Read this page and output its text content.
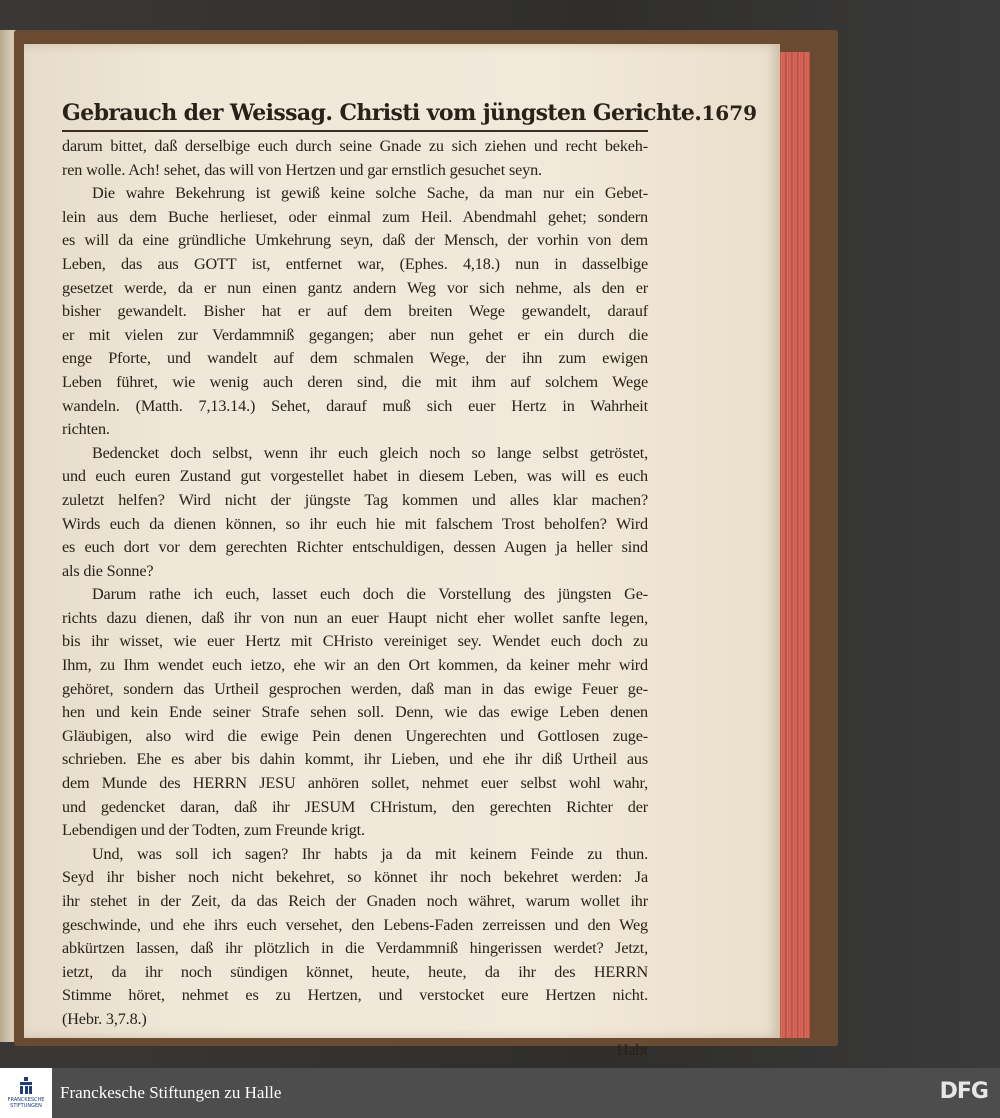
Gebrauch der Weissag. Christi vom jüngsten Gerichte. 1679
darum bittet, daß derselbige euch durch seine Gnade zu sich ziehen und recht bekeh-
ren wolle. Ach! sehet, das will von Hertzen und gar ernstlich gesuchet seyn.
Die wahre Bekehrung ist gewiß keine solche Sache, da man nur ein Gebet-
lein aus dem Buche herlieset, oder einmal zum Heil. Abendmahl gehet; sondern
es will da eine gründliche Umkehrung seyn, daß der Mensch, der vorhin von dem
Leben, das aus GOTT ist, entfernet war, (Ephes. 4,18.) nun in dasselbige
gesetzet werde, da er nun einen gantz andern Weg vor sich nehme, als den er
bisher gewandelt. Bisher hat er auf dem breiten Wege gewandelt, darauf
er mit vielen zur Verdammniß gegangen; aber nun gehet er ein durch die
enge Pforte, und wandelt auf dem schmalen Wege, der ihn zum ewigen
Leben führet, wie wenig auch deren sind, die mit ihm auf solchem Wege
wandeln. (Matth. 7,13.14.) Sehet, darauf muß sich euer Hertz in Wahrheit
richten.
Bedencket doch selbst, wenn ihr euch gleich noch so lange selbst getröstet,
und euch euren Zustand gut vorgestellet habet in diesem Leben, was will es euch
zuletzt helfen? Wird nicht der jüngste Tag kommen und alles klar machen?
Wirds euch da dienen können, so ihr euch hie mit falschem Trost beholfen? Wird
es euch dort vor dem gerechten Richter entschuldigen, dessen Augen ja heller sind
als die Sonne?
Darum rathe ich euch, lasset euch doch die Vorstellung des jüngsten Ge-
richts dazu dienen, daß ihr von nun an euer Haupt nicht eher wollet sanfte legen,
bis ihr wisset, wie euer Hertz mit CHristo vereiniget sey. Wendet euch doch zu
Ihm, zu Ihm wendet euch ietzo, ehe wir an den Ort kommen, da keiner mehr wird
gehöret, sondern das Urtheil gesprochen werden, daß man in das ewige Feuer ge-
hen und kein Ende seiner Strafe sehen soll. Denn, wie das ewige Leben denen
Gläubigen, also wird die ewige Pein denen Ungerechten und Gottlosen zuge-
schrieben. Ehe es aber bis dahin kommt, ihr Lieben, und ehe ihr diß Urtheil aus
dem Munde des HERRN JESU anhören sollet, nehmet euer selbst wohl wahr,
und gedencket daran, daß ihr JESUM CHristum, den gerechten Richter der
Lebendigen und der Todten, zum Freunde krigt.
Und, was soll ich sagen? Ihr habts ja da mit keinem Feinde zu thun.
Seyd ihr bisher noch nicht bekehret, so könnet ihr noch bekehret werden: Ja
ihr stehet in der Zeit, da das Reich der Gnaden noch währet, warum wollet ihr
geschwinde, und ehe ihrs euch versehet, den Lebens-Faden zerreissen und den Weg
abkürtzen lassen, daß ihr plötzlich in die Verdammniß hingerissen werdet? Jetzt,
ietzt, da ihr noch sündigen könnet, heute, heute, da ihr des HERRN
Stimme höret, nehmet es zu Hertzen, und verstocket eure Hertzen nicht.
(Hebr. 3,7.8.)
Habt
FRANCKESCHE STIFTUNGEN
Franckesche Stiftungen zu Halle	DFG
